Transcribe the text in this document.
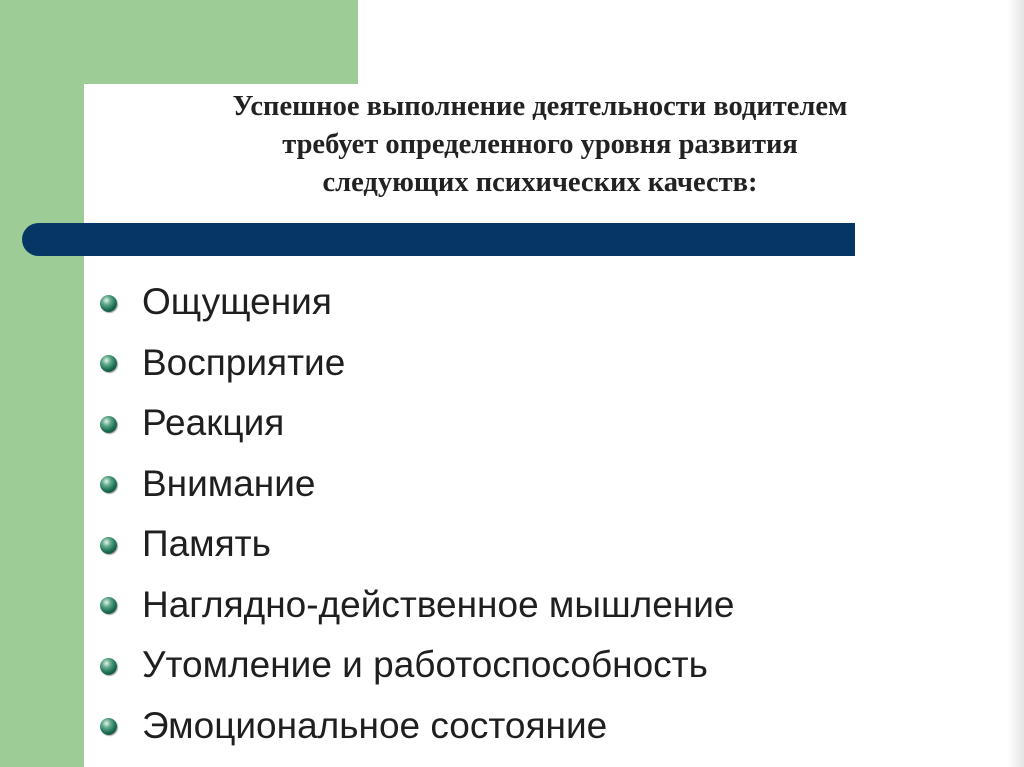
Успешное выполнение деятельности водителем
требует определенного уровня развития
следующих психических качеств:
Ощущения
Восприятие
Реакция
Внимание
Память
Наглядно-действенное мышление
Утомление и работоспособность
Эмоциональное состояние
